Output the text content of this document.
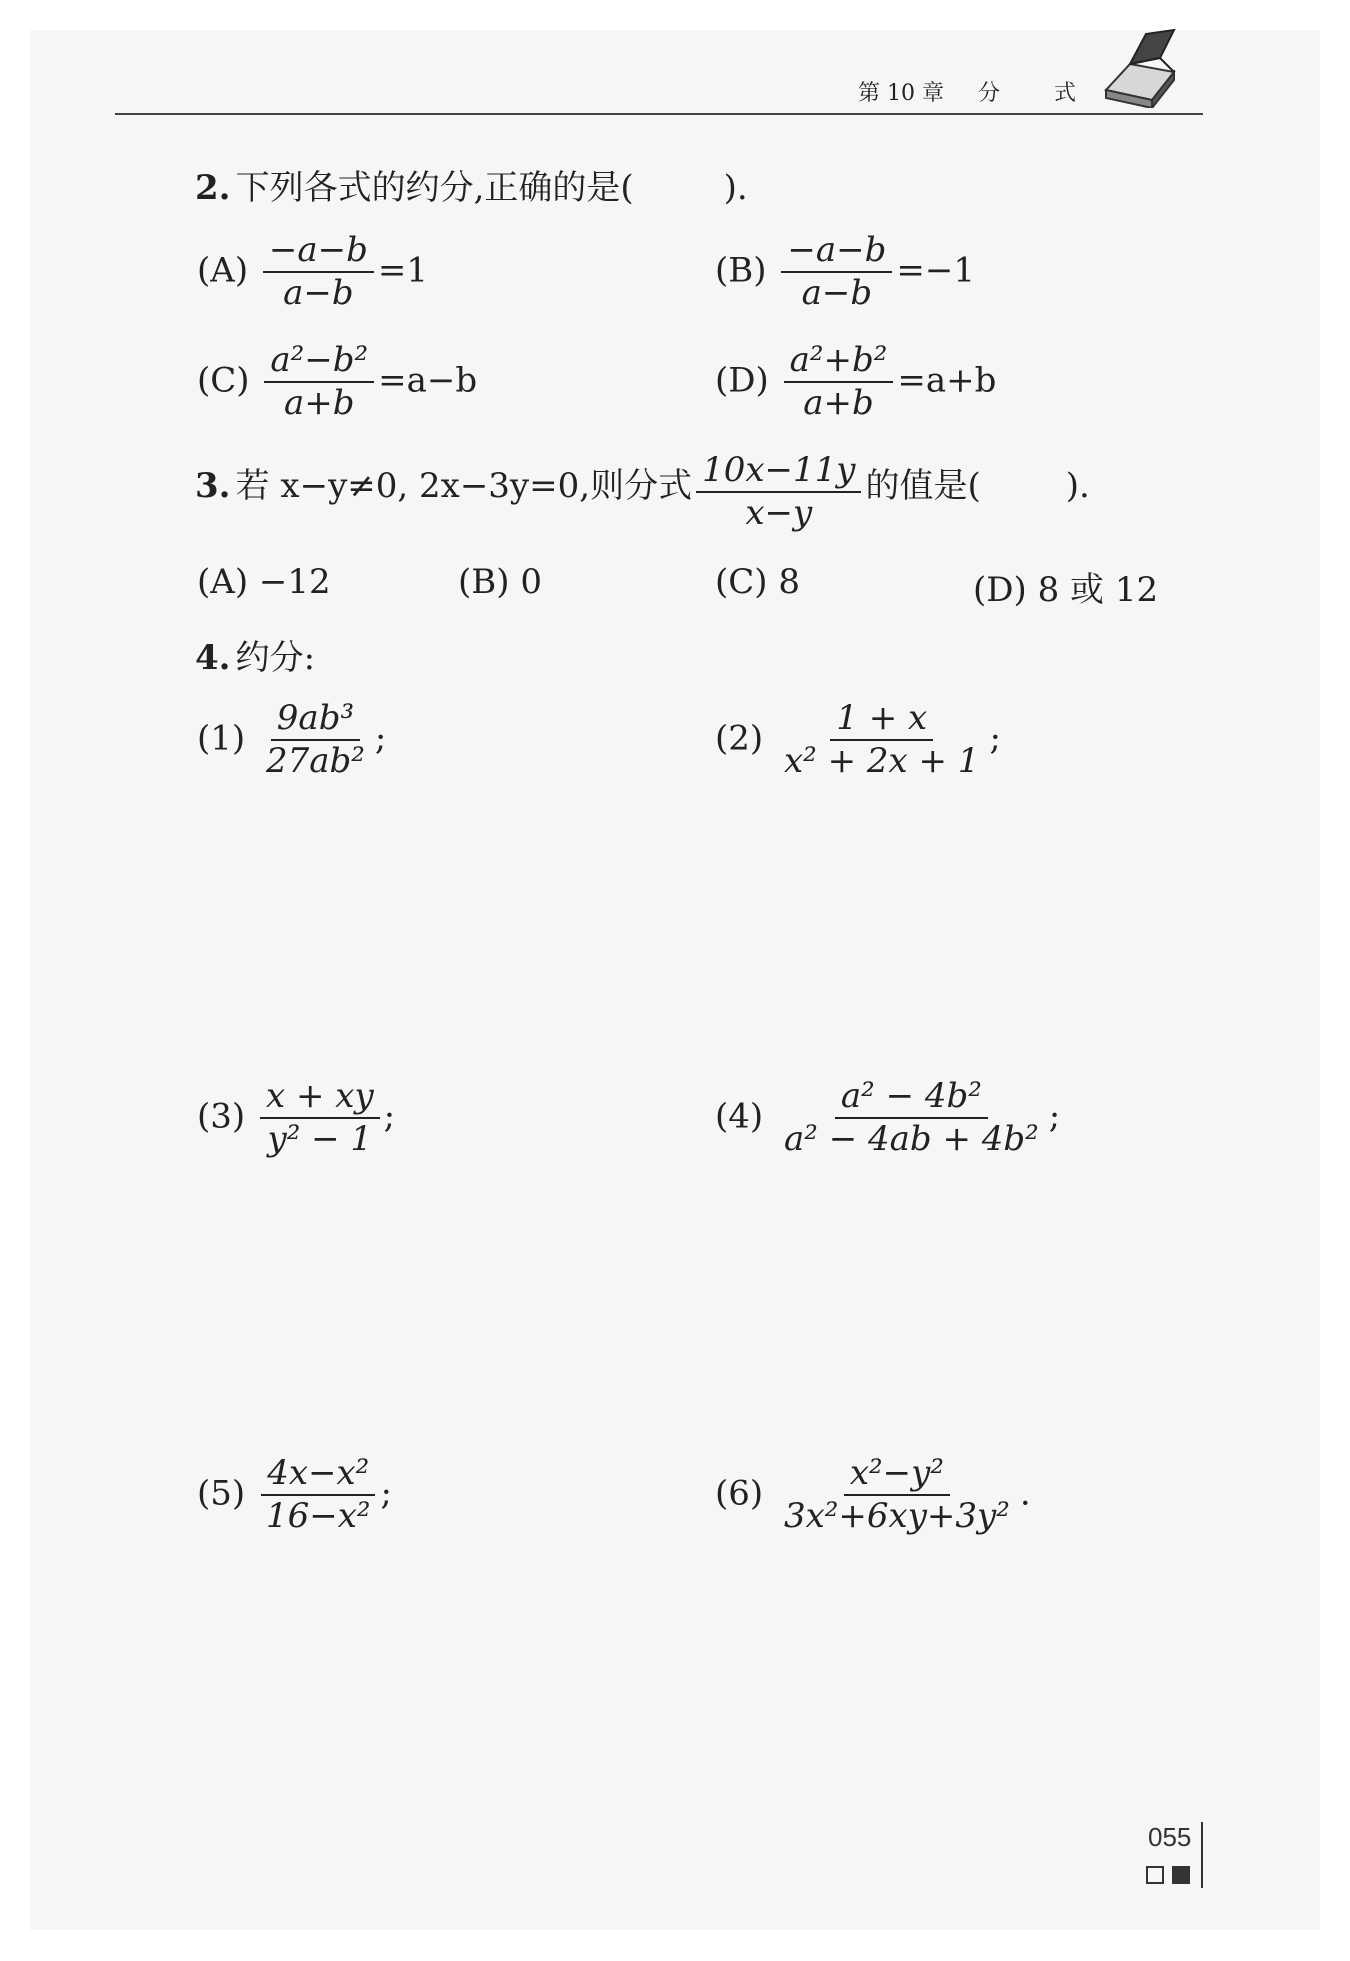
第 10 章 分 式
2. 下列各式的约分,正确的是(	).
$(A) \frac{-a-b}{a-b} =1$	$(B) \frac{-a-b}{a-b} =-1$
$(C) \frac{\text{a²−b²}}{a+b} =a-b$	$(D) \frac{\text{a²+b²}}{a+b} =a+b$
3. 若 x−y≠0, 2x−3y=0,则分式 $\frac{10x-11y}{x-y}$ 的值是(	).
(A) −12	(B) 0	(C) 8	(D) 8 或 12
4. 约分:
$(1) \frac{\text{9ab³}}{\text{27ab²}}$ ;	$(2) \frac{1 + x}{\text{x² + 2x + 1}}$ ;
$(3) \frac{x + xy}{\text{y² − 1}}$ ;	$(4) \frac{\text{a² − 4b²}}{\text{a² − 4ab + 4b²}}$ ;
$(5) \frac{\text{4x−x²}}{\text{16−x²}}$ ;	$(6) \frac{\text{x²−y²}}{\text{3x²+6xy+3y²}}$ .
055
